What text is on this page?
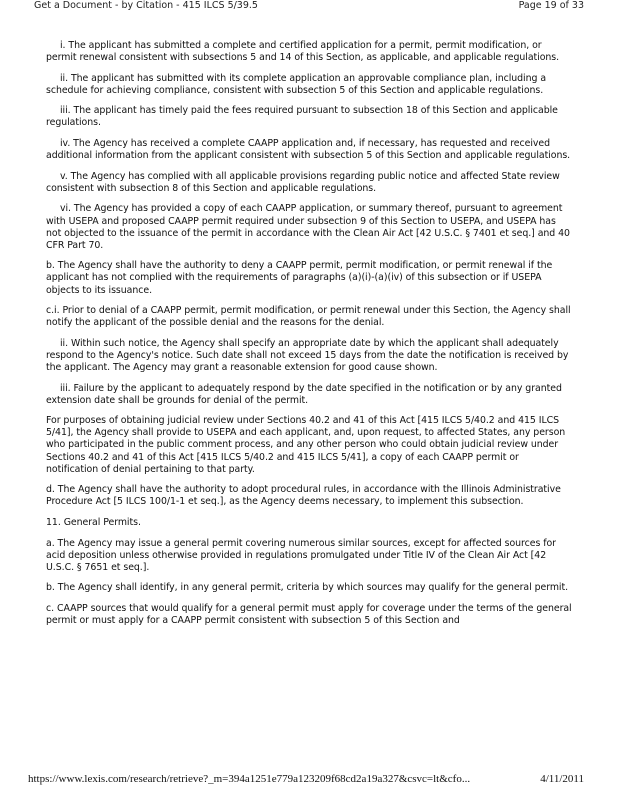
Get a Document - by Citation - 415 ILCS 5/39.5	Page 19 of 33

i. The applicant has submitted a complete and certified application for a permit, permit modification, or permit renewal consistent with subsections 5 and 14 of this Section, as applicable, and applicable regulations.

ii. The applicant has submitted with its complete application an approvable compliance plan, including a schedule for achieving compliance, consistent with subsection 5 of this Section and applicable regulations.

iii. The applicant has timely paid the fees required pursuant to subsection 18 of this Section and applicable regulations.

iv. The Agency has received a complete CAAPP application and, if necessary, has requested and received additional information from the applicant consistent with subsection 5 of this Section and applicable regulations.

v. The Agency has complied with all applicable provisions regarding public notice and affected State review consistent with subsection 8 of this Section and applicable regulations.

vi. The Agency has provided a copy of each CAAPP application, or summary thereof, pursuant to agreement with USEPA and proposed CAAPP permit required under subsection 9 of this Section to USEPA, and USEPA has not objected to the issuance of the permit in accordance with the Clean Air Act [42 U.S.C. § 7401 et seq.] and 40 CFR Part 70.

b. The Agency shall have the authority to deny a CAAPP permit, permit modification, or permit renewal if the applicant has not complied with the requirements of paragraphs (a)(i)-(a)(iv) of this subsection or if USEPA objects to its issuance.

c.i. Prior to denial of a CAAPP permit, permit modification, or permit renewal under this Section, the Agency shall notify the applicant of the possible denial and the reasons for the denial.

ii. Within such notice, the Agency shall specify an appropriate date by which the applicant shall adequately respond to the Agency's notice. Such date shall not exceed 15 days from the date the notification is received by the applicant. The Agency may grant a reasonable extension for good cause shown.

iii. Failure by the applicant to adequately respond by the date specified in the notification or by any granted extension date shall be grounds for denial of the permit.

For purposes of obtaining judicial review under Sections 40.2 and 41 of this Act [415 ILCS 5/40.2 and 415 ILCS 5/41], the Agency shall provide to USEPA and each applicant, and, upon request, to affected States, any person who participated in the public comment process, and any other person who could obtain judicial review under Sections 40.2 and 41 of this Act [415 ILCS 5/40.2 and 415 ILCS 5/41], a copy of each CAAPP permit or notification of denial pertaining to that party.

d. The Agency shall have the authority to adopt procedural rules, in accordance with the Illinois Administrative Procedure Act [5 ILCS 100/1-1 et seq.], as the Agency deems necessary, to implement this subsection.

11. General Permits.

a. The Agency may issue a general permit covering numerous similar sources, except for affected sources for acid deposition unless otherwise provided in regulations promulgated under Title IV of the Clean Air Act [42 U.S.C. § 7651 et seq.].

b. The Agency shall identify, in any general permit, criteria by which sources may qualify for the general permit.

c. CAAPP sources that would qualify for a general permit must apply for coverage under the terms of the general permit or must apply for a CAAPP permit consistent with subsection 5 of this Section and

https://www.lexis.com/research/retrieve?_m=394a1251e779a123209f68cd2a19a327&csvc=lt&cfo...	4/11/2011
